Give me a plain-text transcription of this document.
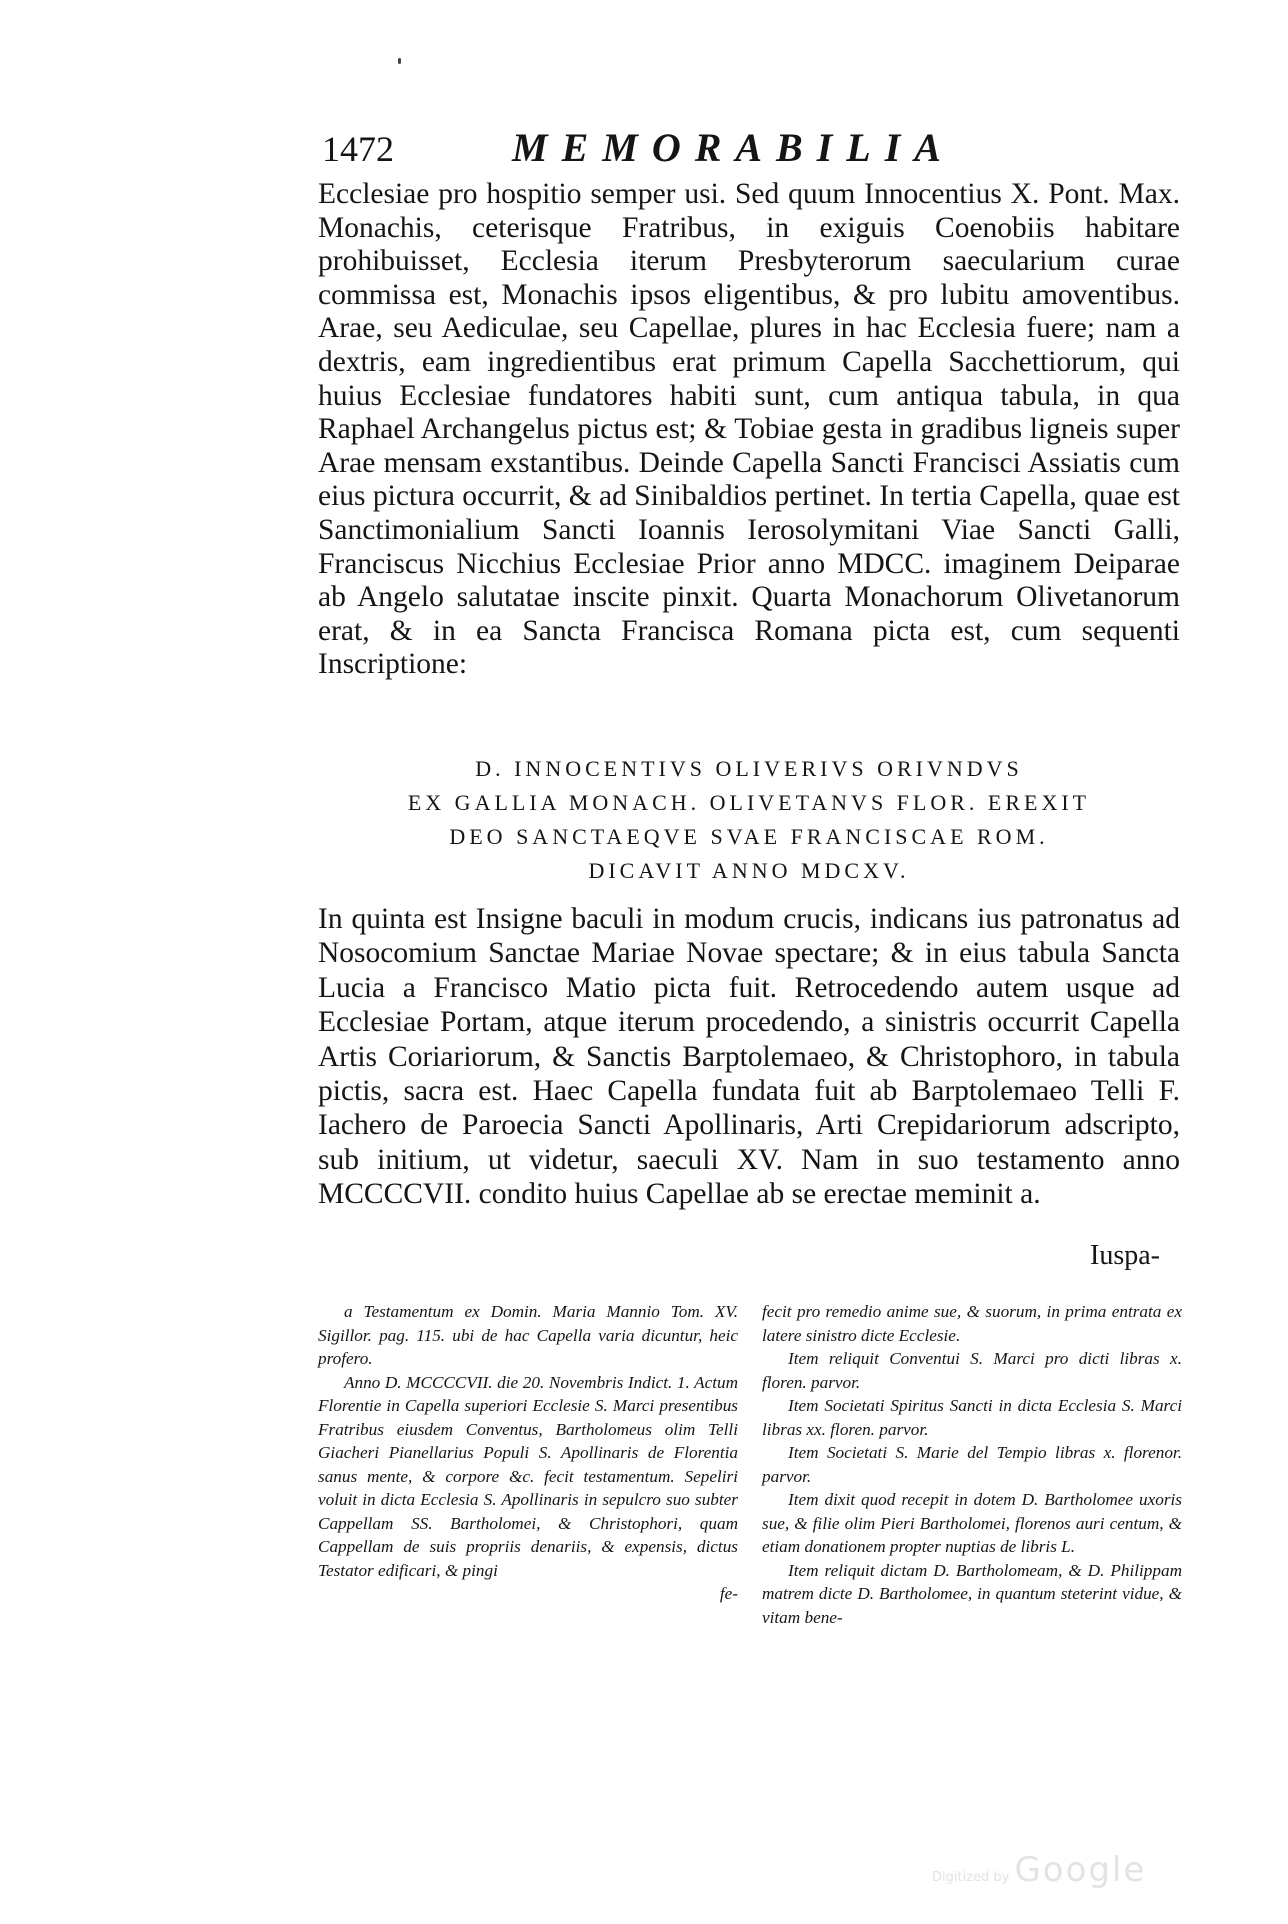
1472	MEMORABILIA

Ecclesiae pro hospitio semper usi. Sed quum Innocentius X. Pont. Max. Monachis, ceterisque Fratribus, in exiguis Coenobiis habitare prohibuisset, Ecclesia iterum Presbyterorum saecularium curae commissa est, Monachis ipsos eligentibus, & pro lubitu amoventibus. Arae, seu Aediculae, seu Capellae, plures in hac Ecclesia fuere; nam a dextris, eam ingredientibus erat primum Capella Sacchettiorum, qui huius Ecclesiae fundatores habiti sunt, cum antiqua tabula, in qua Raphael Archangelus pictus est; & Tobiae gesta in gradibus ligneis super Arae mensam exstantibus. Deinde Capella Sancti Francisci Assiatis cum eius pictura occurrit, & ad Sinibaldios pertinet. In tertia Capella, quae est Sanctimonialium Sancti Ioannis Ierosolymitani Viae Sancti Galli, Franciscus Nicchius Ecclesiae Prior anno MDCC. imaginem Deiparae ab Angelo salutatae inscite pinxit. Quarta Monachorum Olivetanorum erat, & in ea Sancta Francisca Romana picta est, cum sequenti Inscriptione:

D. INNOCENTIVS OLIVERIVS ORIVNDVS
EX GALLIA MONACH. OLIVETANVS FLOR. EREXIT
DEO SANCTAEQVE SVAE FRANCISCAE ROM.
DICAVIT ANNO MDCXV.

In quinta est Insigne baculi in modum crucis, indicans ius patronatus ad Nosocomium Sanctae Mariae Novae spectare; & in eius tabula Sancta Lucia a Francisco Matio picta fuit. Retrocedendo autem usque ad Ecclesiae Portam, atque iterum procedendo, a sinistris occurrit Capella Artis Coriariorum, & Sanctis Barptolemaeo, & Christophoro, in tabula pictis, sacra est. Haec Capella fundata fuit ab Barptolemaeo Telli F. Iachero de Paroecia Sancti Apollinaris, Arti Crepidariorum adscripto, sub initium, ut videtur, saeculi XV. Nam in suo testamento anno MCCCCVII. condito huius Capellae ab se erectae meminit a.

Iuspa-

a Testamentum ex Domin. Maria Mannio Tom. XV. Sigillor. pag. 115. ubi de hac Capella varia dicuntur, heic profero.

Anno D. MCCCCVII. die 20. Novembris Indict. 1. Actum Florentie in Capella superiori Ecclesie S. Marci presentibus Fratribus eiusdem Conventus, Bartholomeus olim Telli Giacheri Pianellarius Populi S. Apollinaris de Florentia sanus mente, & corpore &c. fecit testamentum. Sepeliri voluit in dicta Ecclesia S. Apollinaris in sepulcro suo subter Cappellam SS. Bartholomei, & Christophori, quam Cappellam de suis propriis denariis, & expensis, dictus Testator edificari, & pingi

fe-

fecit pro remedio anime sue, & suorum, in prima entrata ex latere sinistro dicte Ecclesie.

Item reliquit Conventui S. Marci pro dicti libras x. floren. parvor.

Item Societati Spiritus Sancti in dicta Ecclesia S. Marci libras xx. floren. parvor.

Item Societati S. Marie del Tempio libras x. florenor. parvor.

Item dixit quod recepit in dotem D. Bartholomee uxoris sue, & filie olim Pieri Bartholomei, florenos auri centum, & etiam donationem propter nuptias de libris L.

Item reliquit dictam D. Bartholomeam, & D. Philippam matrem dicte D. Bartholomee, in quantum steterint vidue, & vitam bene-

Digitized by Google
